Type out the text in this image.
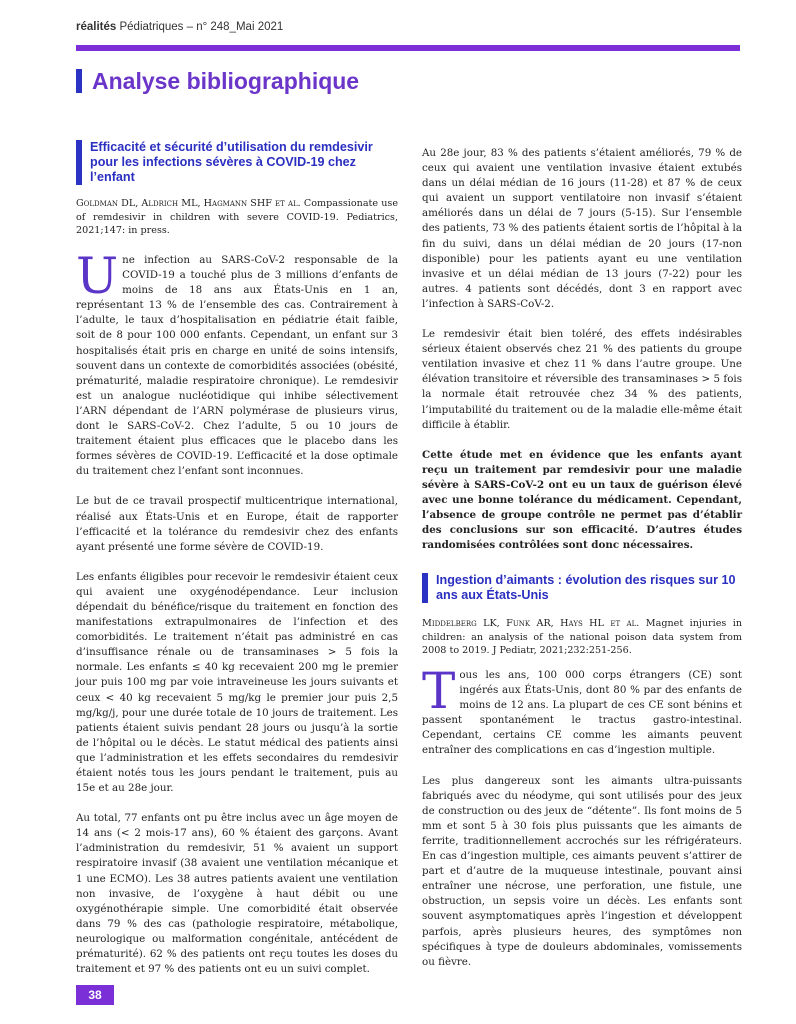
réalités Pédiatriques – n° 248_Mai 2021
Analyse bibliographique
Efficacité et sécurité d’utilisation du remdesivir pour les infections sévères à COVID-19 chez l’enfant
Goldman DL, Aldrich ML, Hagmann SHF et al. Compassionate use of remdesivir in children with severe COVID-19. Pediatrics, 2021;147: in press.

Une infection au SARS-CoV-2 responsable de la COVID-19 a touché plus de 3 millions d’enfants de moins de 18 ans aux États-Unis en 1 an, représentant 13 % de l’ensemble des cas. Contrairement à l’adulte, le taux d’hospitalisation en pédiatrie était faible, soit de 8 pour 100 000 enfants. Cependant, un enfant sur 3 hospitalisés était pris en charge en unité de soins intensifs, souvent dans un contexte de comorbidités associées (obésité, prématurité, maladie respiratoire chronique). Le remdesivir est un analogue nucléotidique qui inhibe sélectivement l’ARN dépendant de l’ARN polymérase de plusieurs virus, dont le SARS-CoV-2. Chez l’adulte, 5 ou 10 jours de traitement étaient plus efficaces que le placebo dans les formes sévères de COVID-19. L’efficacité et la dose optimale du traitement chez l’enfant sont inconnues.

Le but de ce travail prospectif multicentrique international, réalisé aux États-Unis et en Europe, était de rapporter l’efficacité et la tolérance du remdesivir chez des enfants ayant présenté une forme sévère de COVID-19.

Les enfants éligibles pour recevoir le remdesivir étaient ceux qui avaient une oxygénodépendance. Leur inclusion dépendait du bénéfice/risque du traitement en fonction des manifestations extrapulmonaires de l’infection et des comorbidités. Le traitement n’était pas administré en cas d’insuffisance rénale ou de transaminases > 5 fois la normale. Les enfants ≤ 40 kg recevaient 200 mg le premier jour puis 100 mg par voie intraveineuse les jours suivants et ceux < 40 kg recevaient 5 mg/kg le premier jour puis 2,5 mg/kg/j, pour une durée totale de 10 jours de traitement. Les patients étaient suivis pendant 28 jours ou jusqu’à la sortie de l’hôpital ou le décès. Le statut médical des patients ainsi que l’administration et les effets secondaires du remdesivir étaient notés tous les jours pendant le traitement, puis au 15e et au 28e jour.

Au total, 77 enfants ont pu être inclus avec un âge moyen de 14 ans (< 2 mois-17 ans), 60 % étaient des garçons. Avant l’administration du remdesivir, 51 % avaient un support respiratoire invasif (38 avaient une ventilation mécanique et 1 une ECMO). Les 38 autres patients avaient une ventilation non invasive, de l’oxygène à haut débit ou une oxygénothérapie simple. Une comorbidité était observée dans 79 % des cas (pathologie respiratoire, métabolique, neurologique ou malformation congénitale, antécédent de prématurité). 62 % des patients ont reçu toutes les doses du traitement et 97 % des patients ont eu un suivi complet.

Au 28e jour, 83 % des patients s’étaient améliorés, 79 % de ceux qui avaient une ventilation invasive étaient extubés dans un délai médian de 16 jours (11-28) et 87 % de ceux qui avaient un support ventilatoire non invasif s’étaient améliorés dans un délai de 7 jours (5-15). Sur l’ensemble des patients, 73 % des patients étaient sortis de l’hôpital à la fin du suivi, dans un délai médian de 20 jours (17-non disponible) pour les patients ayant eu une ventilation invasive et un délai médian de 13 jours (7-22) pour les autres. 4 patients sont décédés, dont 3 en rapport avec l’infection à SARS-CoV-2.

Le remdesivir était bien toléré, des effets indésirables sérieux étaient observés chez 21 % des patients du groupe ventilation invasive et chez 11 % dans l’autre groupe. Une élévation transitoire et réversible des transaminases > 5 fois la normale était retrouvée chez 34 % des patients, l’imputabilité du traitement ou de la maladie elle-même était difficile à établir.

Cette étude met en évidence que les enfants ayant reçu un traitement par remdesivir pour une maladie sévère à SARS-CoV-2 ont eu un taux de guérison élevé avec une bonne tolérance du médicament. Cependant, l’absence de groupe contrôle ne permet pas d’établir des conclusions sur son efficacité. D’autres études randomisées contrôlées sont donc nécessaires.

Ingestion d’aimants : évolution des risques sur 10 ans aux États-Unis
Middelberg LK, Funk AR, Hays HL et al. Magnet injuries in children: an analysis of the national poison data system from 2008 to 2019. J Pediatr, 2021;232:251-256.

Tous les ans, 100 000 corps étrangers (CE) sont ingérés aux États-Unis, dont 80 % par des enfants de moins de 12 ans. La plupart de ces CE sont bénins et passent spontanément le tractus gastro-intestinal. Cependant, certains CE comme les aimants peuvent entraîner des complications en cas d’ingestion multiple.

Les plus dangereux sont les aimants ultra-puissants fabriqués avec du néodyme, qui sont utilisés pour des jeux de construction ou des jeux de “détente”. Ils font moins de 5 mm et sont 5 à 30 fois plus puissants que les aimants de ferrite, traditionnellement accrochés sur les réfrigérateurs. En cas d’ingestion multiple, ces aimants peuvent s’attirer de part et d’autre de la muqueuse intestinale, pouvant ainsi entraîner une nécrose, une perforation, une fistule, une obstruction, un sepsis voire un décès. Les enfants sont souvent asymptomatiques après l’ingestion et développent parfois, après plusieurs heures, des symptômes non spécifiques à type de douleurs abdominales, vomissements ou fièvre.

38
